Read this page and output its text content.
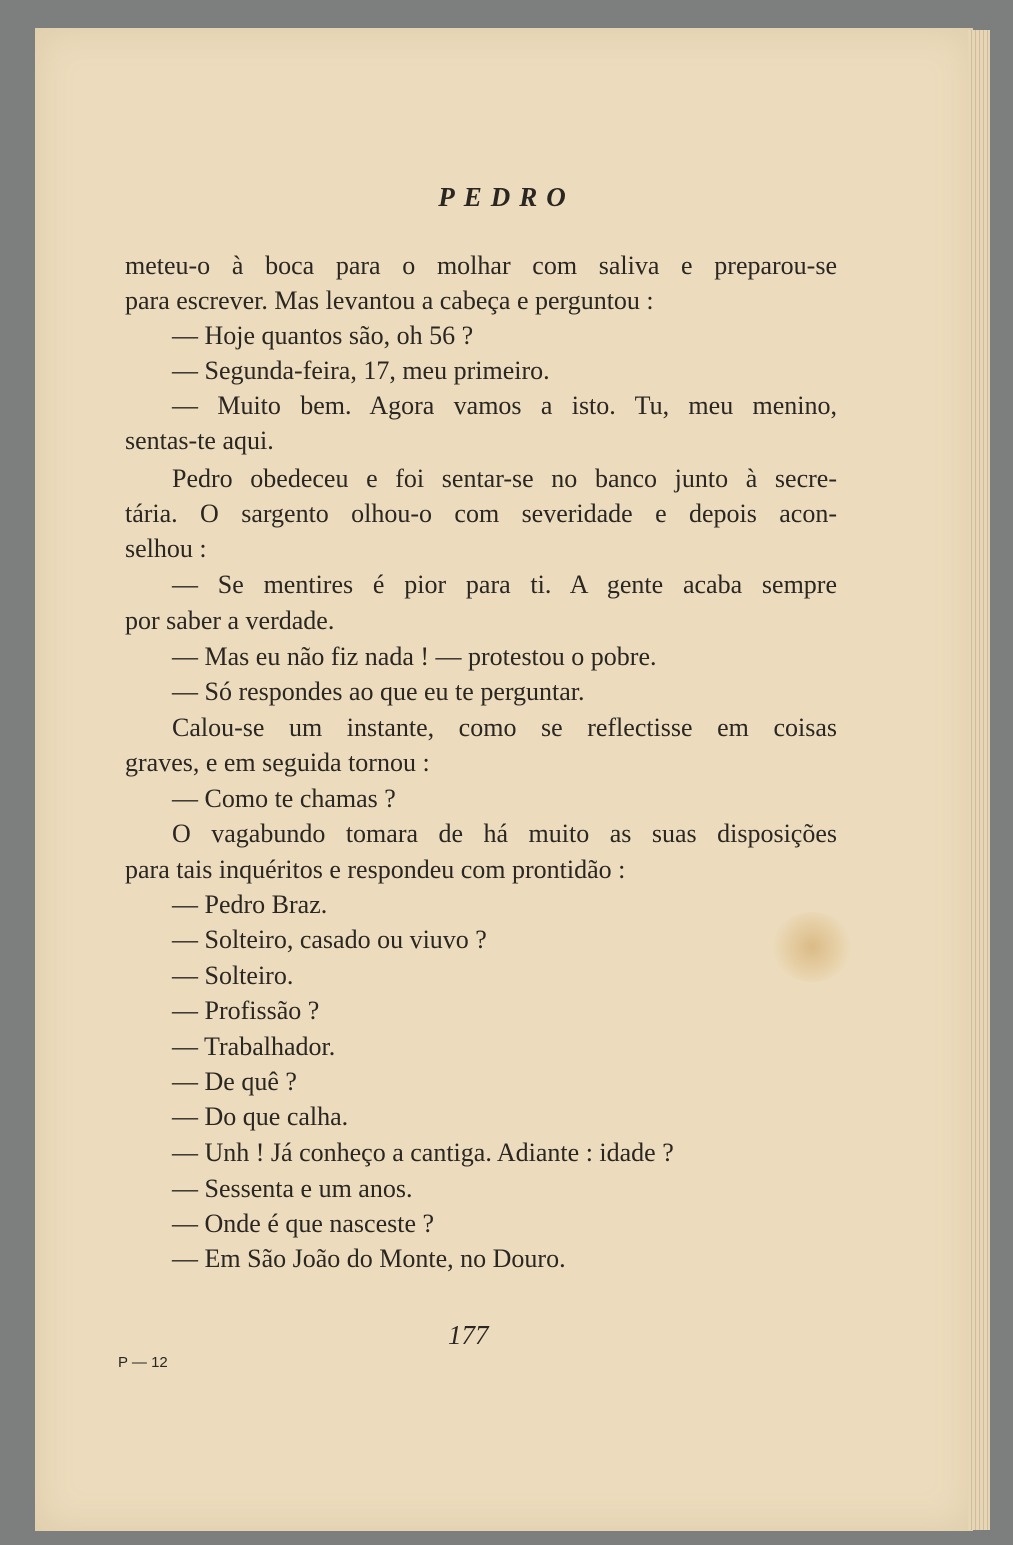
PEDRO

meteu-o à boca para o molhar com saliva e preparou-se

para escrever. Mas levantou a cabeça e perguntou :

— Hoje quantos são, oh 56 ?

— Segunda-feira, 17, meu primeiro.

— Muito bem. Agora vamos a isto. Tu, meu menino,

sentas-te aqui.

Pedro obedeceu e foi sentar-se no banco junto à secre-

tária. O sargento olhou-o com severidade e depois acon-

selhou :

— Se mentires é pior para ti. A gente acaba sempre

por saber a verdade.

— Mas eu não fiz nada ! — protestou o pobre.

— Só respondes ao que eu te perguntar.

Calou-se um instante, como se reflectisse em coisas

graves, e em seguida tornou :

— Como te chamas ?

O vagabundo tomara de há muito as suas disposições

para tais inquéritos e respondeu com prontidão :

— Pedro Braz.

— Solteiro, casado ou viuvo ?

— Solteiro.

— Profissão ?

— Trabalhador.

— De quê ?

— Do que calha.

— Unh ! Já conheço a cantiga. Adiante : idade ?

— Sessenta e um anos.

— Onde é que nasceste ?

— Em São João do Monte, no Douro.

P — 12
177
